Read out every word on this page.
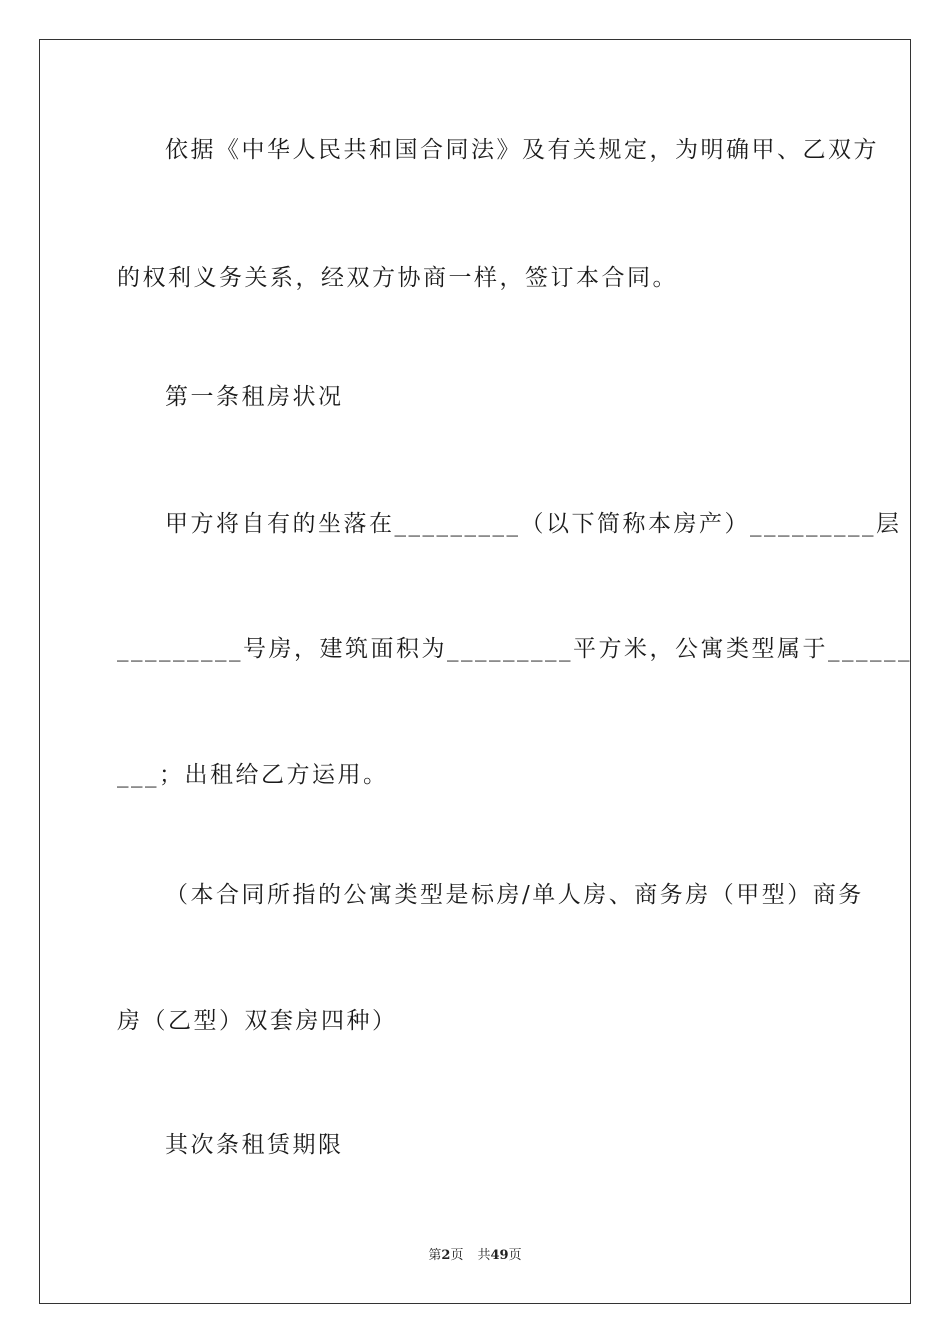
依据《中华人民共和国合同法》及有关规定，为明确甲、乙双方
的权利义务关系，经双方协商一样，签订本合同。
第一条租房状况
甲方将自有的坐落在_________（以下简称本房产）_________层
_________号房，建筑面积为_________平方米，公寓类型属于______
___；出租给乙方运用。
（本合同所指的公寓类型是标房/单人房、商务房（甲型）商务
房（乙型）双套房四种）
其次条租赁期限
第2页 共49页
